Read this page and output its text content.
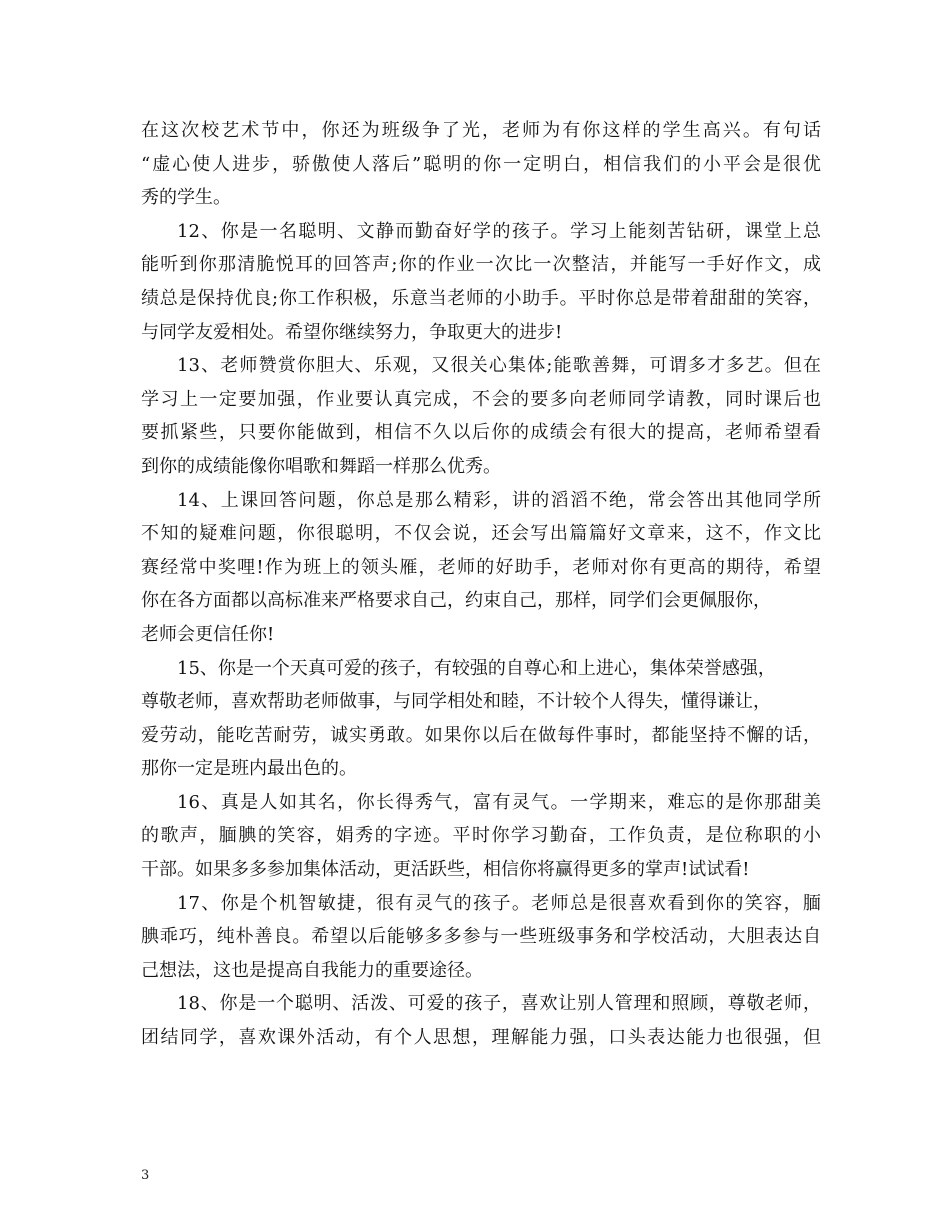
在这次校艺术节中，你还为班级争了光，老师为有你这样的学生高兴。有句话
“虚心使人进步，骄傲使人落后”聪明的你一定明白，相信我们的小平会是很优
秀的学生。
12、你是一名聪明、文静而勤奋好学的孩子。学习上能刻苦钻研，课堂上总
能听到你那清脆悦耳的回答声;你的作业一次比一次整洁，并能写一手好作文，成
绩总是保持优良;你工作积极，乐意当老师的小助手。平时你总是带着甜甜的笑容，
与同学友爱相处。希望你继续努力，争取更大的进步!
13、老师赞赏你胆大、乐观，又很关心集体;能歌善舞，可谓多才多艺。但在
学习上一定要加强，作业要认真完成，不会的要多向老师同学请教，同时课后也
要抓紧些，只要你能做到，相信不久以后你的成绩会有很大的提高，老师希望看
到你的成绩能像你唱歌和舞蹈一样那么优秀。
14、上课回答问题，你总是那么精彩，讲的滔滔不绝，常会答出其他同学所
不知的疑难问题，你很聪明，不仅会说，还会写出篇篇好文章来，这不，作文比
赛经常中奖哩!作为班上的领头雁，老师的好助手，老师对你有更高的期待，希望
你在各方面都以高标准来严格要求自己，约束自己，那样，同学们会更佩服你，
老师会更信任你!
15、你是一个天真可爱的孩子，有较强的自尊心和上进心，集体荣誉感强，
尊敬老师，喜欢帮助老师做事，与同学相处和睦，不计较个人得失，懂得谦让，
爱劳动，能吃苦耐劳，诚实勇敢。如果你以后在做每件事时，都能坚持不懈的话，
那你一定是班内最出色的。
16、真是人如其名，你长得秀气，富有灵气。一学期来，难忘的是你那甜美
的歌声，腼腆的笑容，娟秀的字迹。平时你学习勤奋，工作负责，是位称职的小
干部。如果多多参加集体活动，更活跃些，相信你将赢得更多的掌声!试试看!
17、你是个机智敏捷，很有灵气的孩子。老师总是很喜欢看到你的笑容，腼
腆乖巧，纯朴善良。希望以后能够多多参与一些班级事务和学校活动，大胆表达自
己想法，这也是提高自我能力的重要途径。
18、你是一个聪明、活泼、可爱的孩子，喜欢让别人管理和照顾，尊敬老师，
团结同学，喜欢课外活动，有个人思想，理解能力强，口头表达能力也很强，但
3
